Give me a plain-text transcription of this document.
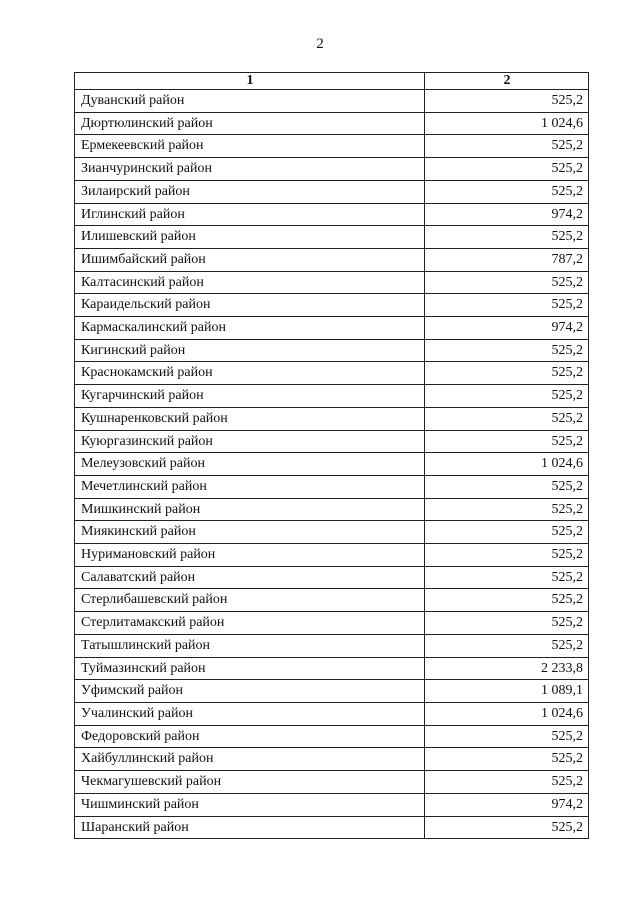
2
1	2
Дуванский район	525,2
Дюртюлинский район	1 024,6
Ермекеевский район	525,2
Зианчуринский район	525,2
Зилаирский район	525,2
Иглинский район	974,2
Илишевский район	525,2
Ишимбайский район	787,2
Калтасинский район	525,2
Караидельский район	525,2
Кармаскалинский район	974,2
Кигинский район	525,2
Краснокамский район	525,2
Кугарчинский район	525,2
Кушнаренковский район	525,2
Куюргазинский район	525,2
Мелеузовский район	1 024,6
Мечетлинский район	525,2
Мишкинский район	525,2
Миякинский район	525,2
Нуримановский район	525,2
Салаватский район	525,2
Стерлибашевский район	525,2
Стерлитамакский район	525,2
Татышлинский район	525,2
Туймазинский район	2 233,8
Уфимский район	1 089,1
Учалинский район	1 024,6
Федоровский район	525,2
Хайбуллинский район	525,2
Чекмагушевский район	525,2
Чишминский район	974,2
Шаранский район	525,2
